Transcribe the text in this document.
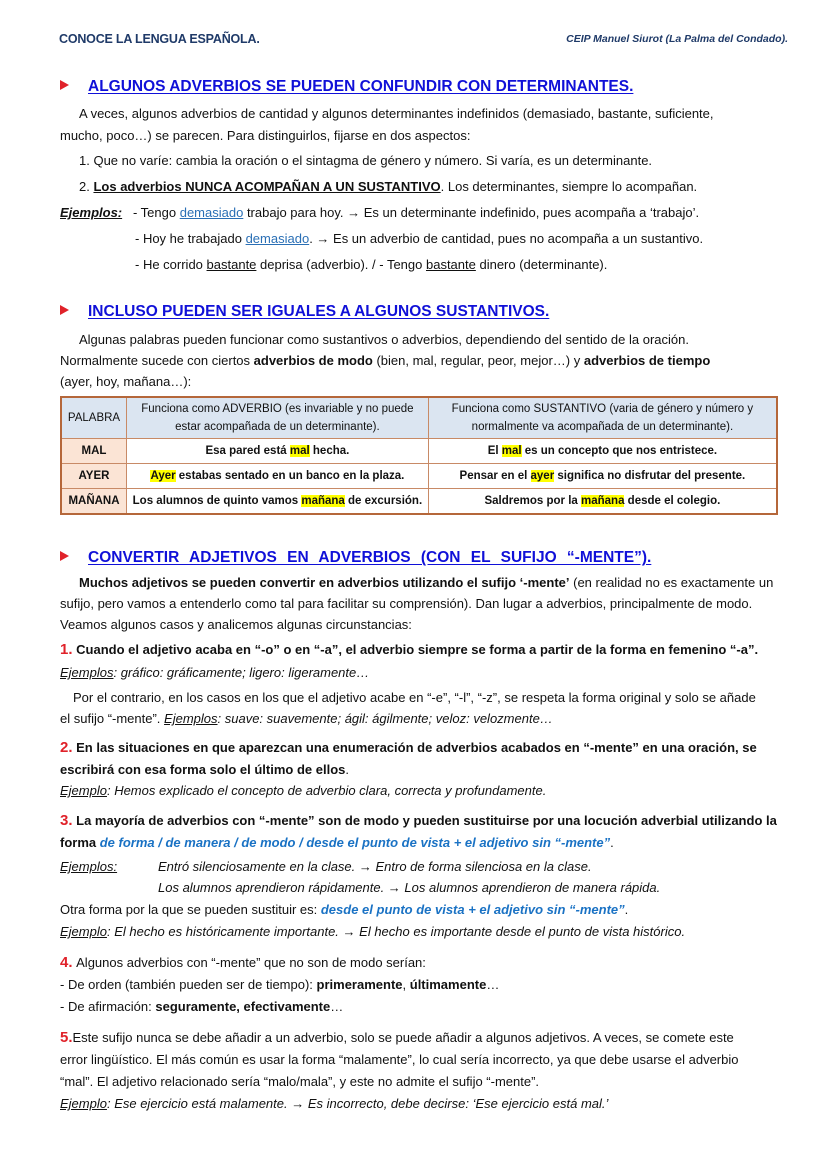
CONOCE LA LENGUA ESPAÑOLA.	CEIP Manuel Siurot (La Palma del Condado).
ALGUNOS ADVERBIOS SE PUEDEN CONFUNDIR CON DETERMINANTES.
A veces, algunos adverbios de cantidad y algunos determinantes indefinidos (demasiado, bastante, suficiente,
mucho, poco…) se parecen. Para distinguirlos, fijarse en dos aspectos:
1. Que no varíe: cambia la oración o el sintagma de género y número. Si varía, es un determinante.
2. Los adverbios NUNCA ACOMPAÑAN A UN SUSTANTIVO. Los determinantes, siempre lo acompañan.
Ejemplos: - Tengo demasiado trabajo para hoy. → Es un determinante indefinido, pues acompaña a ‘trabajo’.
- Hoy he trabajado demasiado. → Es un adverbio de cantidad, pues no acompaña a un sustantivo.
- He corrido bastante deprisa (adverbio). / - Tengo bastante dinero (determinante).
INCLUSO PUEDEN SER IGUALES A ALGUNOS SUSTANTIVOS.
Algunas palabras pueden funcionar como sustantivos o adverbios, dependiendo del sentido de la oración.
Normalmente sucede con ciertos adverbios de modo (bien, mal, regular, peor, mejor…) y adverbios de tiempo
(ayer, hoy, mañana…):
PALABRA	Funciona como ADVERBIO (es invariable y no puede estar acompañada de un determinante).	Funciona como SUSTANTIVO (varia de género y número y normalmente va acompañada de un determinante).
MAL	Esa pared está mal hecha.	El mal es un concepto que nos entristece.
AYER	Ayer estabas sentado en un banco en la plaza.	Pensar en el ayer significa no disfrutar del presente.
MAÑANA	Los alumnos de quinto vamos mañana de excursión.	Saldremos por la mañana desde el colegio.
CONVERTIR ADJETIVOS EN ADVERBIOS (CON EL SUFIJO “-MENTE”).
Muchos adjetivos se pueden convertir en adverbios utilizando el sufijo ‘-mente’ (en realidad no es exactamente un
sufijo, pero vamos a entenderlo como tal para facilitar su comprensión). Dan lugar a adverbios, principalmente de modo.
Veamos algunos casos y analicemos algunas circunstancias:
1. Cuando el adjetivo acaba en “-o” o en “-a”, el adverbio siempre se forma a partir de la forma en femenino “-a”.
Ejemplos: gráfico: gráficamente; ligero: ligeramente…
Por el contrario, en los casos en los que el adjetivo acabe en “-e”, “-l”, “-z”, se respeta la forma original y solo se añade
el sufijo “-mente”. Ejemplos: suave: suavemente; ágil: ágilmente; veloz: velozmente…
2. En las situaciones en que aparezcan una enumeración de adverbios acabados en “-mente” en una oración, se
escribirá con esa forma solo el último de ellos.
Ejemplo: Hemos explicado el concepto de adverbio clara, correcta y profundamente.
3. La mayoría de adverbios con “-mente” son de modo y pueden sustituirse por una locución adverbial utilizando la
forma de forma / de manera / de modo / desde el punto de vista + el adjetivo sin “-mente”.
Ejemplos:	Entró silenciosamente en la clase. → Entro de forma silenciosa en la clase.
Los alumnos aprendieron rápidamente. → Los alumnos aprendieron de manera rápida.
Otra forma por la que se pueden sustituir es: desde el punto de vista + el adjetivo sin “-mente”.
Ejemplo: El hecho es históricamente importante. → El hecho es importante desde el punto de vista histórico.
4. Algunos adverbios con “-mente” que no son de modo serían:
- De orden (también pueden ser de tiempo): primeramente, últimamente…
- De afirmación: seguramente, efectivamente…
5.Este sufijo nunca se debe añadir a un adverbio, solo se puede añadir a algunos adjetivos. A veces, se comete este
error lingüístico. El más común es usar la forma “malamente”, lo cual sería incorrecto, ya que debe usarse el adverbio
“mal”. El adjetivo relacionado sería “malo/mala”, y este no admite el sufijo “-mente”.
Ejemplo: Ese ejercicio está malamente. → Es incorrecto, debe decirse: ‘Ese ejercicio está mal.’
